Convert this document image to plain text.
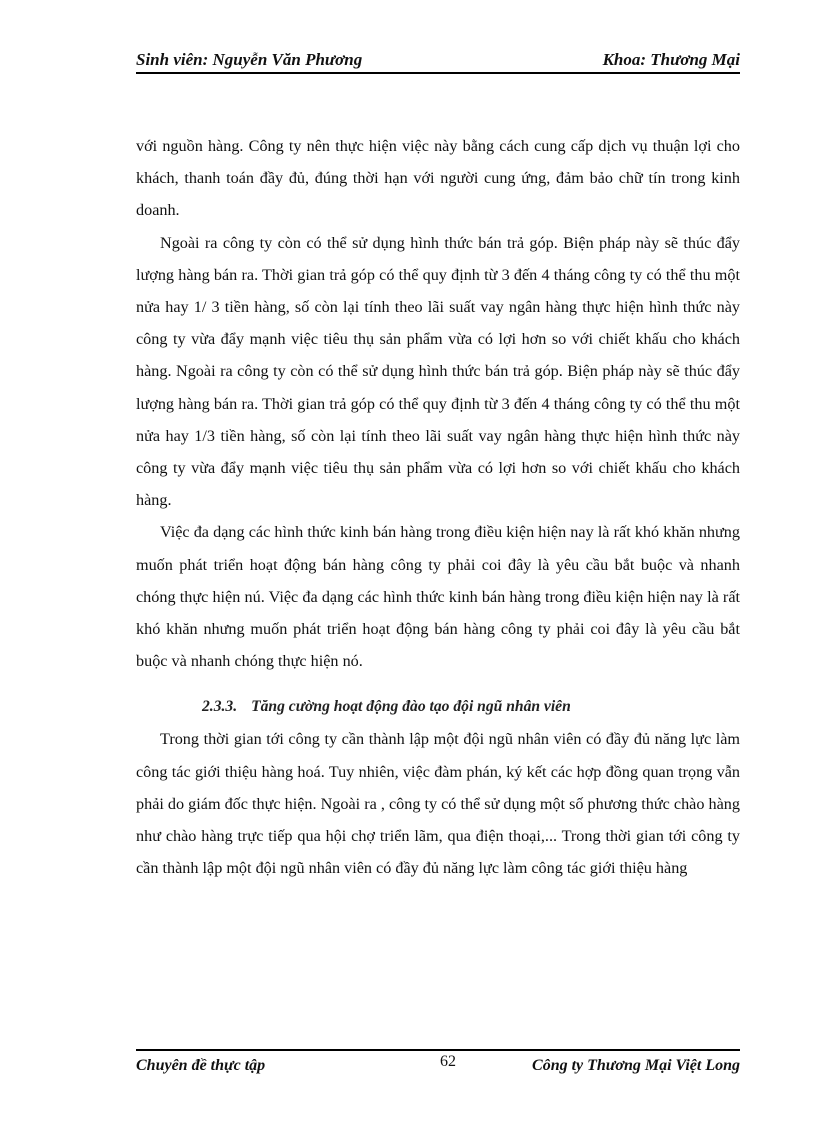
Sinh viên: Nguyễn Văn Phương	Khoa: Thương Mại

với nguồn hàng. Công ty nên thực hiện việc này bằng cách cung cấp dịch vụ thuận lợi cho khách, thanh toán đầy đủ, đúng thời hạn với người cung ứng, đảm bảo chữ tín trong kinh doanh.

Ngoài ra công ty còn có thể sử dụng hình thức bán trả góp. Biện pháp này sẽ thúc đẩy lượng hàng bán ra. Thời gian trả góp có thể quy định từ 3 đến 4 tháng công ty có thể thu một nửa hay 1/ 3 tiền hàng, số còn lại tính theo lãi suất vay ngân hàng thực hiện hình thức này công ty vừa đẩy mạnh việc tiêu thụ sản phẩm vừa có lợi hơn so với chiết khấu cho khách hàng. Ngoài ra công ty còn có thể sử dụng hình thức bán trả góp. Biện pháp này sẽ thúc đẩy lượng hàng bán ra. Thời gian trả góp có thể quy định từ 3 đến 4 tháng công ty có thể thu một nửa hay 1/3 tiền hàng, số còn lại tính theo lãi suất vay ngân hàng thực hiện hình thức này công ty vừa đẩy mạnh việc tiêu thụ sản phẩm vừa có lợi hơn so với chiết khấu cho khách hàng.

Việc đa dạng các hình thức kinh bán hàng trong điều kiện hiện nay là rất khó khăn nhưng muốn phát triển hoạt động bán hàng công ty phải coi đây là yêu cầu bắt buộc và nhanh chóng thực hiện nú. Việc đa dạng các hình thức kinh bán hàng trong điều kiện hiện nay là rất khó khăn nhưng muốn phát triển hoạt động bán hàng công ty phải coi đây là yêu cầu bắt buộc và nhanh chóng thực hiện nó.

2.3.3. Tăng cường hoạt động đào tạo đội ngũ nhân viên

Trong thời gian tới công ty cần thành lập một đội ngũ nhân viên có đầy đủ năng lực làm công tác giới thiệu hàng hoá. Tuy nhiên, việc đàm phán, ký kết các hợp đồng quan trọng vẫn phải do giám đốc thực hiện. Ngoài ra , công ty có thể sử dụng một số phương thức chào hàng như chào hàng trực tiếp qua hội chợ triển lãm, qua điện thoại,... Trong thời gian tới công ty cần thành lập một đội ngũ nhân viên có đầy đủ năng lực làm công tác giới thiệu hàng

Chuyên đề thực tập	62	Công ty Thương Mại Việt Long
